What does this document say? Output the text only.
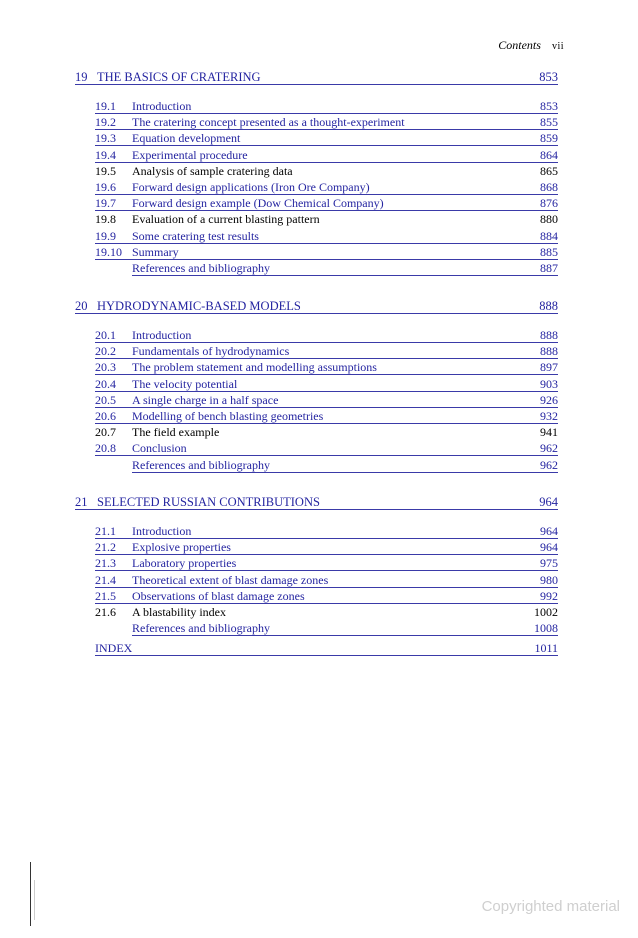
Contents vii
19 THE BASICS OF CRATERING	853
19.1 Introduction	853
19.2 The cratering concept presented as a thought-experiment	855
19.3 Equation development	859
19.4 Experimental procedure	864
19.5 Analysis of sample cratering data	865
19.6 Forward design applications (Iron Ore Company)	868
19.7 Forward design example (Dow Chemical Company)	876
19.8 Evaluation of a current blasting pattern	880
19.9 Some cratering test results	884
19.10 Summary	885
References and bibliography	887
20 HYDRODYNAMIC-BASED MODELS	888
20.1 Introduction	888
20.2 Fundamentals of hydrodynamics	888
20.3 The problem statement and modelling assumptions	897
20.4 The velocity potential	903
20.5 A single charge in a half space	926
20.6 Modelling of bench blasting geometries	932
20.7 The field example	941
20.8 Conclusion	962
References and bibliography	962
21 SELECTED RUSSIAN CONTRIBUTIONS	964
21.1 Introduction	964
21.2 Explosive properties	964
21.3 Laboratory properties	975
21.4 Theoretical extent of blast damage zones	980
21.5 Observations of blast damage zones	992
21.6 A blastability index	1002
References and bibliography	1008
INDEX	1011
Copyrighted material
